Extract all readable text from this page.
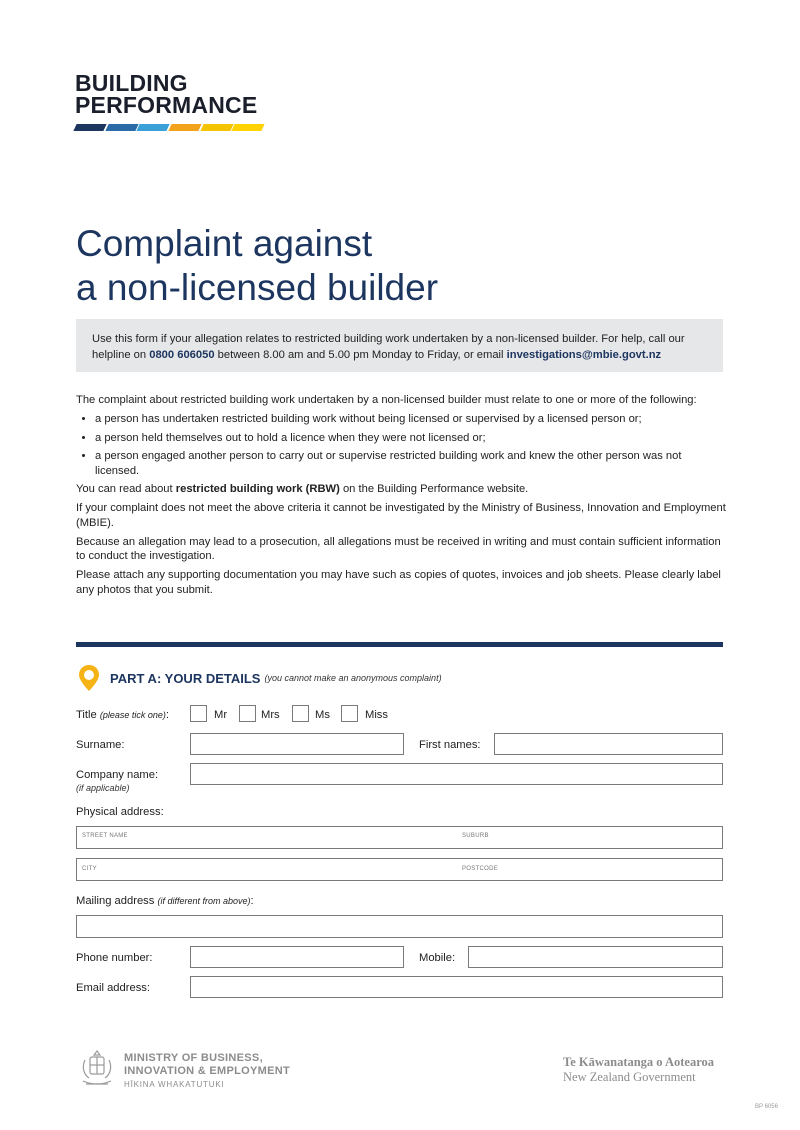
BUILDING
PERFORMANCE
Complaint against
a non-licensed builder
Use this form if your allegation relates to restricted building work undertaken by a non-licensed builder. For help, call our helpline on 0800 606050 between 8.00 am and 5.00 pm Monday to Friday, or email investigations@mbie.govt.nz

The complaint about restricted building work undertaken by a non-licensed builder must relate to one or more of the following:

• a person has undertaken restricted building work without being licensed or supervised by a licensed person or;
• a person held themselves out to hold a licence when they were not licensed or;
• a person engaged another person to carry out or supervise restricted building work and knew the other person was not licensed.

You can read about restricted building work (RBW) on the Building Performance website.

If your complaint does not meet the above criteria it cannot be investigated by the Ministry of Business, Innovation and Employment (MBIE).

Because an allegation may lead to a prosecution, all allegations must be received in writing and must contain sufficient information to conduct the investigation.

Please attach any supporting documentation you may have such as copies of quotes, invoices and job sheets. Please clearly label any photos that you submit.

PART A: YOUR DETAILS (you cannot make an anonymous complaint)
Title (please tick one):	Mr	Mrs	Ms	Miss
Surname:	First names:
Company name:
(if applicable)
Physical address:
STREET NAME	SUBURB
CITY	POSTCODE
Mailing address (if different from above):
Phone number:	Mobile:
Email address:
MINISTRY OF BUSINESS,
INNOVATION & EMPLOYMENT
HĪKINA WHAKATUTUKI
Te Kāwanatanga o Aotearoa
New Zealand Government
BP 6056
